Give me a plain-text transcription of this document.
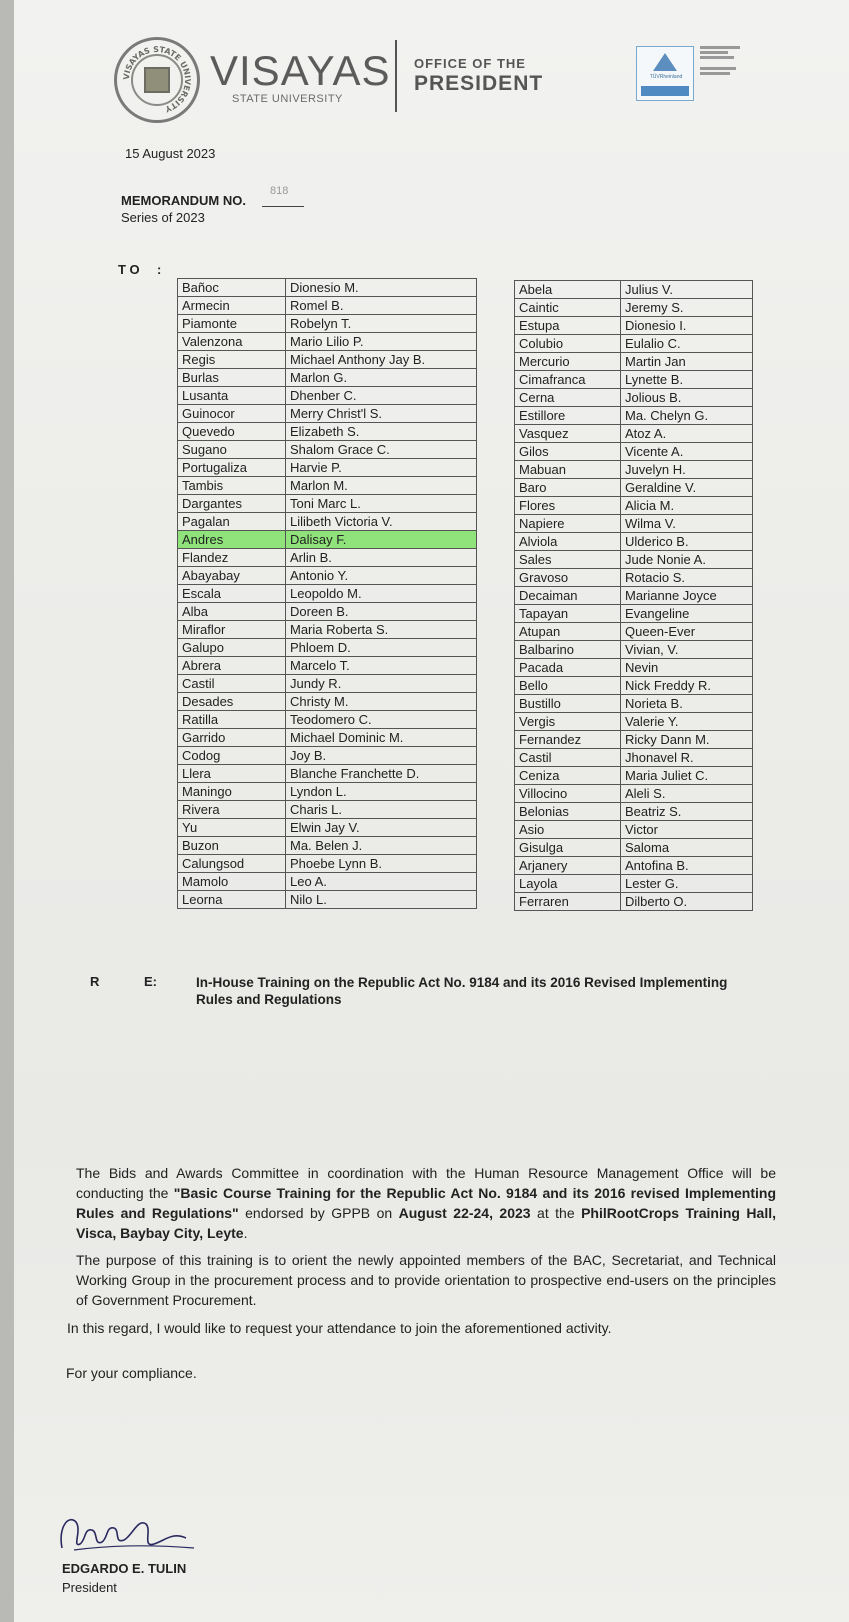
VISAYAS STATE UNIVERSITY
VISAYAS
STATE UNIVERSITY
OFFICE OF THE
PRESIDENT	TÜVRheinland
15 August 2023
MEMORANDUM NO.
818
Series of 2023
T O :
Bañoc	Dionesio M.
Armecin	Romel B.
Piamonte	Robelyn T.
Valenzona	Mario Lilio P.
Regis	Michael Anthony Jay B.
Burlas	Marlon G.
Lusanta	Dhenber C.
Guinocor	Merry Christ'l S.
Quevedo	Elizabeth S.
Sugano	Shalom Grace C.
Portugaliza	Harvie P.
Tambis	Marlon M.
Dargantes	Toni Marc L.
Pagalan	Lilibeth Victoria V.
Andres	Dalisay F.
Flandez	Arlin B.
Abayabay	Antonio Y.
Escala	Leopoldo M.
Alba	Doreen B.
Miraflor	Maria Roberta S.
Galupo	Phloem D.
Abrera	Marcelo T.
Castil	Jundy R.
Desades	Christy M.
Ratilla	Teodomero C.
Garrido	Michael Dominic M.
Codog	Joy B.
Llera	Blanche Franchette D.
Maningo	Lyndon L.
Rivera	Charis L.
Yu	Elwin Jay V.
Buzon	Ma. Belen J.
Calungsod	Phoebe Lynn B.
Mamolo	Leo A.
Leorna	Nilo L.
Abela	Julius V.
Caintic	Jeremy S.
Estupa	Dionesio I.
Colubio	Eulalio C.
Mercurio	Martin Jan
Cimafranca	Lynette B.
Cerna	Jolious B.
Estillore	Ma. Chelyn G.
Vasquez	Atoz A.
Gilos	Vicente A.
Mabuan	Juvelyn H.
Baro	Geraldine V.
Flores	Alicia M.
Napiere	Wilma V.
Alviola	Ulderico B.
Sales	Jude Nonie A.
Gravoso	Rotacio S.
Decaiman	Marianne Joyce
Tapayan	Evangeline
Atupan	Queen-Ever
Balbarino	Vivian, V.
Pacada	Nevin
Bello	Nick Freddy R.
Bustillo	Norieta B.
Vergis	Valerie Y.
Fernandez	Ricky Dann M.
Castil	Jhonavel R.
Ceniza	Maria Juliet C.
Villocino	Aleli S.
Belonias	Beatriz S.
Asio	Victor
Gisulga	Saloma
Arjanery	Antofina B.
Layola	Lester G.
Ferraren	Dilberto O.
R	E:	In-House Training on the Republic Act No. 9184 and its 2016 Revised Implementing Rules and Regulations
The Bids and Awards Committee in coordination with the Human Resource Management Office will be conducting the "Basic Course Training for the Republic Act No. 9184 and its 2016 revised Implementing Rules and Regulations" endorsed by GPPB on August 22-24, 2023 at the PhilRootCrops Training Hall, Visca, Baybay City, Leyte.
The purpose of this training is to orient the newly appointed members of the BAC, Secretariat, and Technical Working Group in the procurement process and to provide orientation to prospective end-users on the principles of Government Procurement.
In this regard, I would like to request your attendance to join the aforementioned activity.
For your compliance.
EDGARDO E. TULIN
President
